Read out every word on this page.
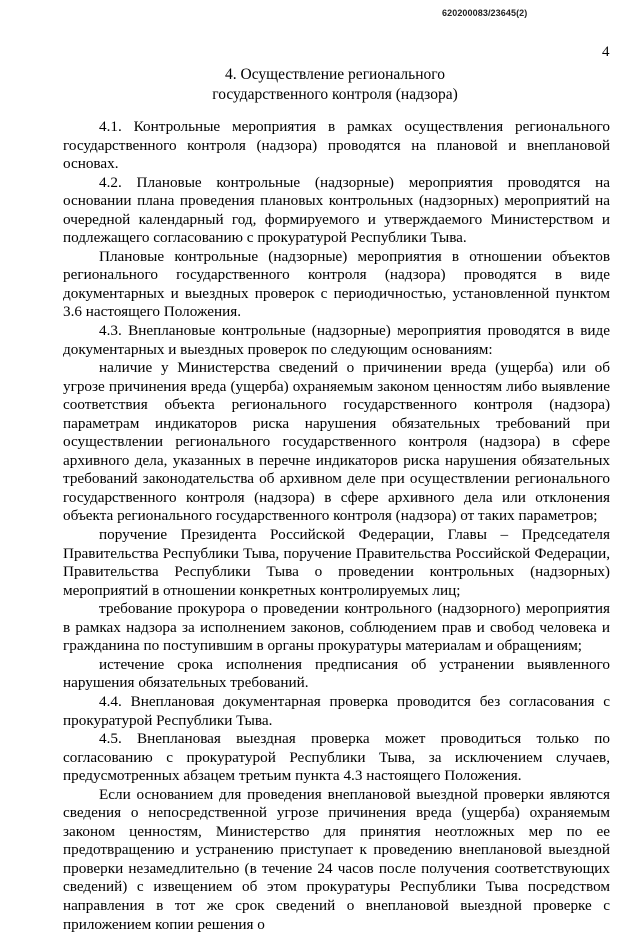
620200083/23645(2)
4
4. Осуществление регионального
государственного контроля (надзора)

4.1. Контрольные мероприятия в рамках осуществления регионального государственного контроля (надзора) проводятся на плановой и внеплановой основах.

4.2. Плановые контрольные (надзорные) мероприятия проводятся на основании плана проведения плановых контрольных (надзорных) мероприятий на очередной календарный год, формируемого и утверждаемого Министерством и подлежащего согласованию с прокуратурой Республики Тыва.

Плановые контрольные (надзорные) мероприятия в отношении объектов регионального государственного контроля (надзора) проводятся в виде документарных и выездных проверок с периодичностью, установленной пунктом 3.6 настоящего Положения.

4.3. Внеплановые контрольные (надзорные) мероприятия проводятся в виде документарных и выездных проверок по следующим основаниям:

наличие у Министерства сведений о причинении вреда (ущерба) или об угрозе причинения вреда (ущерба) охраняемым законом ценностям либо выявление соответствия объекта регионального государственного контроля (надзора) параметрам индикаторов риска нарушения обязательных требований при осуществлении регионального государственного контроля (надзора) в сфере архивного дела, указанных в перечне индикаторов риска нарушения обязательных требований законодательства об архивном деле при осуществлении регионального государственного контроля (надзора) в сфере архивного дела или отклонения объекта регионального государственного контроля (надзора) от таких параметров;

поручение Президента Российской Федерации, Главы – Председателя Правительства Республики Тыва, поручение Правительства Российской Федерации, Правительства Республики Тыва о проведении контрольных (надзорных) мероприятий в отношении конкретных контролируемых лиц;

требование прокурора о проведении контрольного (надзорного) мероприятия в рамках надзора за исполнением законов, соблюдением прав и свобод человека и гражданина по поступившим в органы прокуратуры материалам и обращениям;

истечение срока исполнения предписания об устранении выявленного нарушения обязательных требований.

4.4. Внеплановая документарная проверка проводится без согласования с прокуратурой Республики Тыва.

4.5. Внеплановая выездная проверка может проводиться только по согласованию с прокуратурой Республики Тыва, за исключением случаев, предусмотренных абзацем третьим пункта 4.3 настоящего Положения.

Если основанием для проведения внеплановой выездной проверки являются сведения о непосредственной угрозе причинения вреда (ущерба) охраняемым законом ценностям, Министерство для принятия неотложных мер по ее предотвращению и устранению приступает к проведению внеплановой выездной проверки незамедлительно (в течение 24 часов после получения соответствующих сведений) с извещением об этом прокуратуры Республики Тыва посредством направления в тот же срок сведений о внеплановой выездной проверке с приложением копии решения о
